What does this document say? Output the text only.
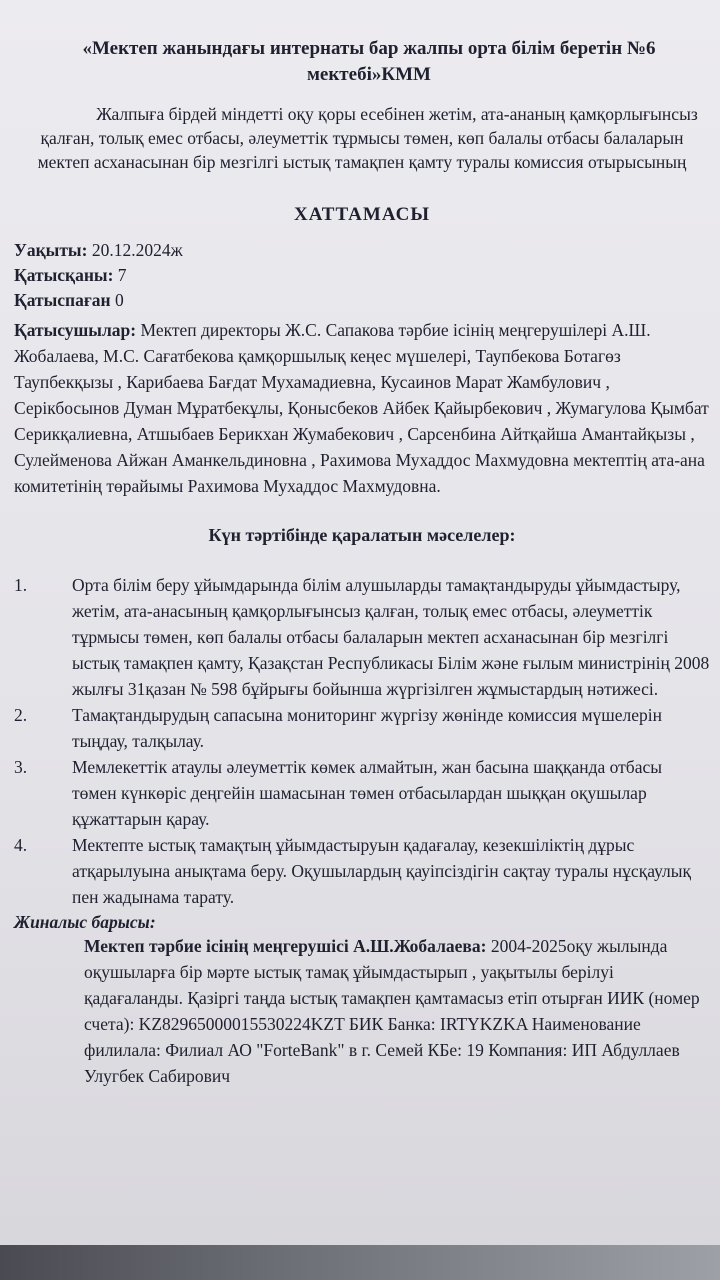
«Мектеп жанындағы интернаты бар жалпы орта білім беретін №6 мектебі»КММ

Жалпыға бірдей міндетті оқу қоры есебінен жетім, ата-ананың қамқорлығынсыз қалған, толық емес отбасы, әлеуметтік тұрмысы төмен, көп балалы отбасы балаларын мектеп асханасынан бір мезгілгі ыстық тамақпен қамту туралы комиссия отырысының

ХАТТАМАСЫ
Уақыты: 20.12.2024ж
Қатысқаны: 7
Қатыспаған 0
Қатысушылар: Мектеп директоры Ж.С. Сапакова тәрбие ісінің меңгерушілері А.Ш. Жобалаева, М.С. Сағатбекова қамқоршылық кеңес мүшелері, Таупбекова Ботагөз Таупбекқызы , Карибаева Бағдат Мухамадиевна, Кусаинов Марат Жамбулович , Серікбосынов Думан Мұратбекұлы, Қонысбеков Айбек Қайырбекович , Жумагулова Қымбат Серикқалиевна, Атшыбаев Берикхан Жумабекович , Сарсенбина Айтқайша Амантайқызы , Сулейменова Айжан Аманкельдиновна , Рахимова Мухаддос Махмудовна мектептің ата-ана комитетінің төрайымы Рахимова Мухаддос Махмудовна.
Күн тәртібінде қаралатын мәселелер:
1.	Орта білім беру ұйымдарында білім алушыларды тамақтандыруды ұйымдастыру, жетім, ата-анасының қамқорлығынсыз қалған, толық емес отбасы, әлеуметтік тұрмысы төмен, көп балалы отбасы балаларын мектеп асханасынан бір мезгілгі ыстық тамақпен қамту, Қазақстан Республикасы Білім және ғылым министрінің 2008 жылғы 31қазан № 598 бұйрығы бойынша жүргізілген жұмыстардың нәтижесі.
2.	Тамақтандырудың сапасына мониторинг жүргізу жөнінде комиссия мүшелерін тыңдау, талқылау.
3.	Мемлекеттік атаулы әлеуметтік көмек алмайтын, жан басына шаққанда отбасы төмен күнкөріс деңгейін шамасынан төмен отбасылардан шыққан оқушылар құжаттарын қарау.
4.	Мектепте ыстық тамақтың ұйымдастыруын қадағалау, кезекшіліктің дұрыс атқарылуына анықтама беру. Оқушылардың қауіпсіздігін сақтау туралы нұсқаулық пен жадынама тарату.
Жиналыс барысы:
Мектеп тәрбие ісінің меңгерушісі А.Ш.Жобалаева: 2004-2025оқу жылында оқушыларға бір мәрте ыстық тамақ ұйымдастырып , уақытылы берілуі қадағаланды. Қазіргі таңда ыстық тамақпен қамтамасыз етіп отырған ИИК (номер счета): KZ82965000015530224KZT БИК Банка: IRTYKZKA Наименование филилала: Филиал АО "ForteBank" в г. Семей КБе: 19 Компания: ИП Абдуллаев Улугбек Сабирович
